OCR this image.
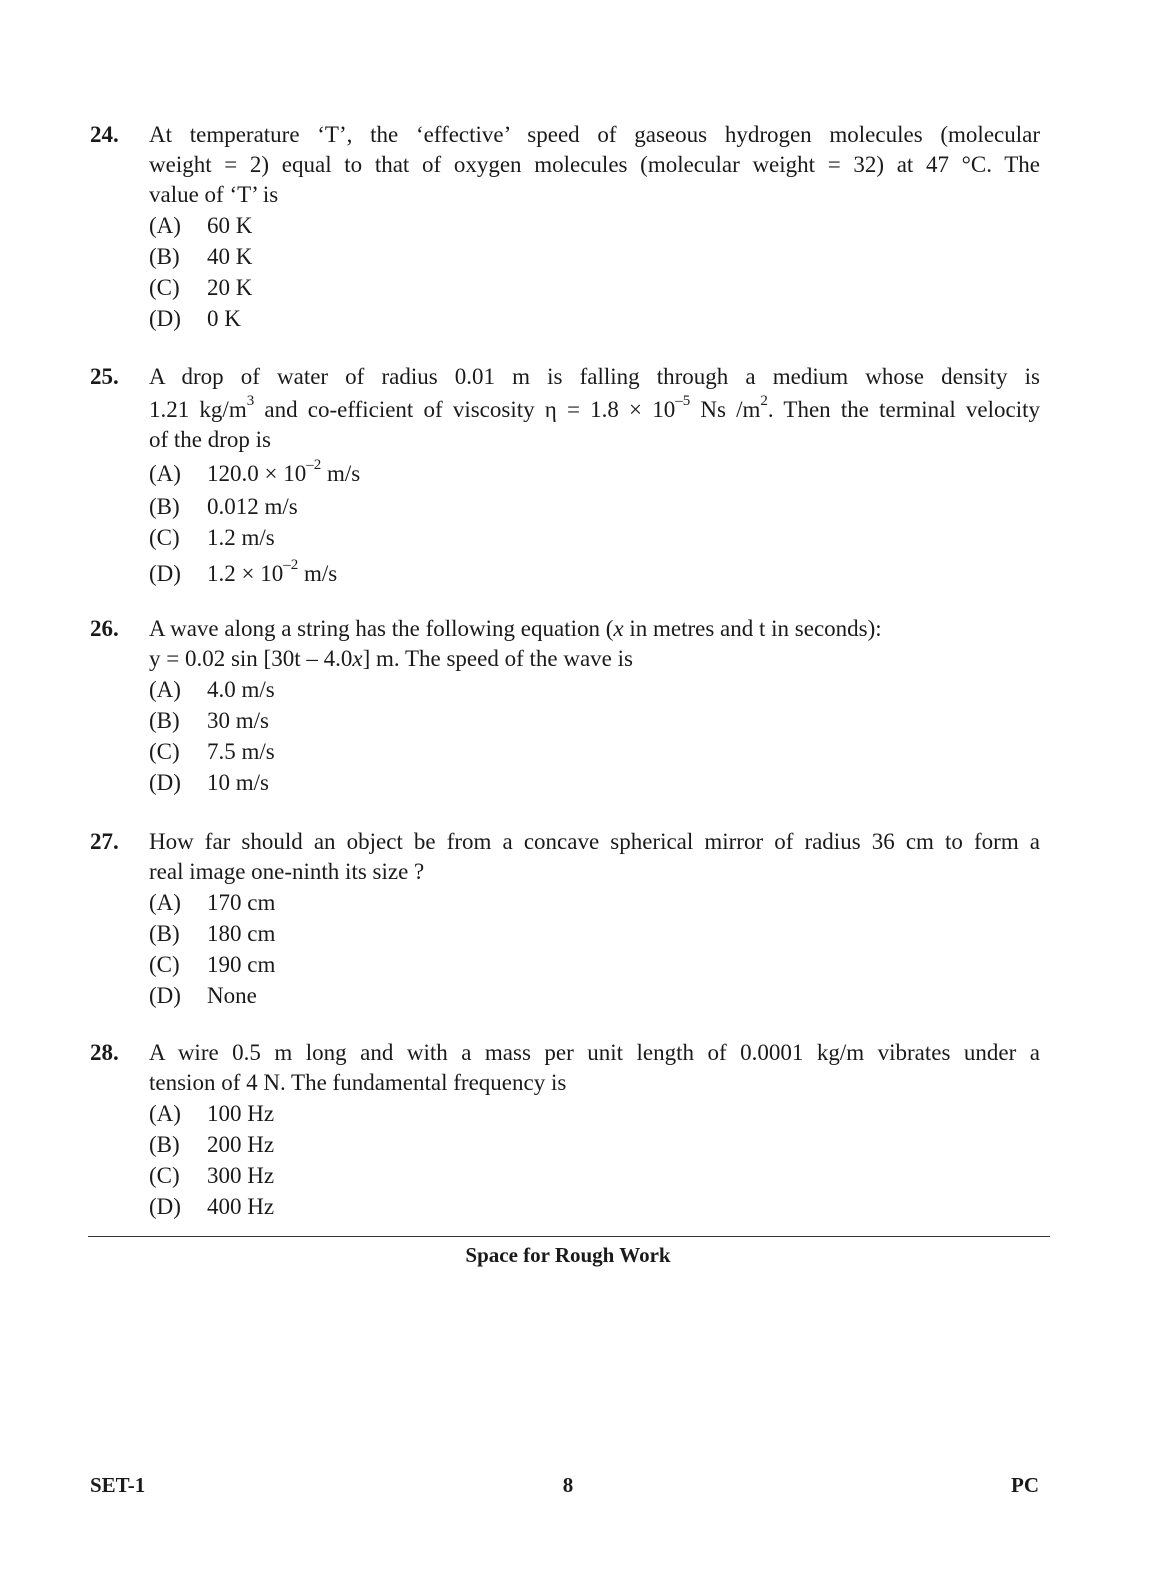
24. At temperature ‘T’, the ‘effective’ speed of gaseous hydrogen molecules (molecular
weight = 2) equal to that of oxygen molecules (molecular weight = 32) at 47 °C. The
value of ‘T’ is
(A) 60 K
(B) 40 K
(C) 20 K
(D) 0 K
25. A drop of water of radius 0.01 m is falling through a medium whose density is
1.21 $kg/m^3$ and co-efficient of viscosity $\eta = 1.8 \times 10^{-5}$ Ns $/m^2$. Then the terminal velocity
of the drop is
(A) $120.0 \times 10^{-2}$ m/s
(B) 0.012 m/s
(C) 1.2 m/s
(D) $1.2 \times 10^{-2}$ m/s
26. A wave along a string has the following equation (x in metres and t in seconds):
y = 0.02 sin [30t – 4.0x] m. The speed of the wave is
(A) 4.0 m/s
(B) 30 m/s
(C) 7.5 m/s
(D) 10 m/s
27. How far should an object be from a concave spherical mirror of radius 36 cm to form a
real image one-ninth its size ?
(A) 170 cm
(B) 180 cm
(C) 190 cm
(D) None
28. A wire 0.5 m long and with a mass per unit length of 0.0001 kg/m vibrates under a
tension of 4 N. The fundamental frequency is
(A) 100 Hz
(B) 200 Hz
(C) 300 Hz
(D) 400 Hz
Space for Rough Work
SET-1	8	PC
